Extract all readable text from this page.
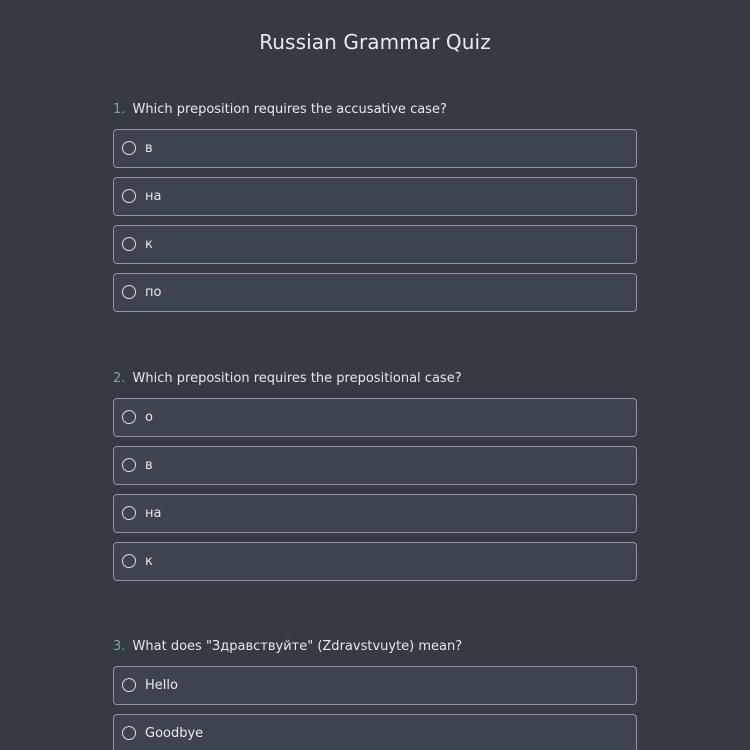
Russian Grammar Quiz
1. Which preposition requires the accusative case?
в
на
к
по
2. Which preposition requires the prepositional case?
о
в
на
к
3. What does "Здравствуйте" (Zdravstvuyte) mean?
Hello
Goodbye
